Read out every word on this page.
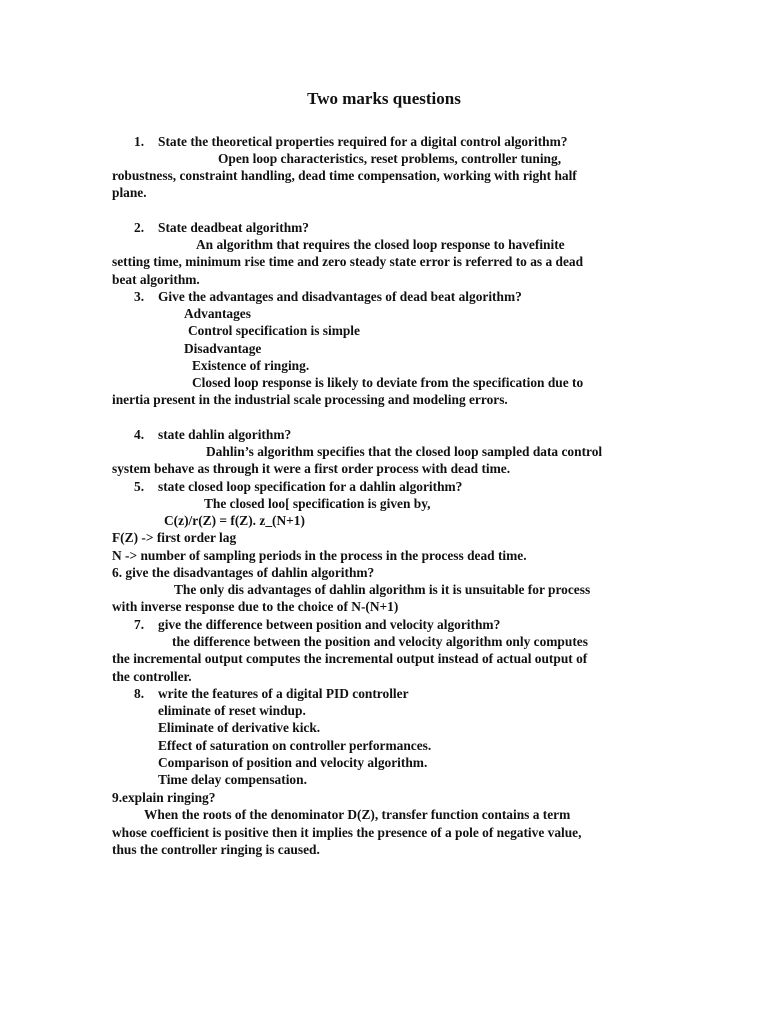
Two marks questions
1. State the theoretical properties required for a digital control algorithm?
Open loop characteristics, reset problems, controller tuning,
robustness, constraint handling, dead time compensation, working with right half
plane.
2. State deadbeat algorithm?
An algorithm that requires the closed loop response to havefinite
setting time, minimum rise time and zero steady state error is referred to as a dead
beat algorithm.
3. Give the advantages and disadvantages of dead beat algorithm?
Advantages
Control specification is simple
Disadvantage
Existence of ringing.
Closed loop response is likely to deviate from the specification due to
inertia present in the industrial scale processing and modeling errors.
4. state dahlin algorithm?
Dahlin’s algorithm specifies that the closed loop sampled data control
system behave as through it were a first order process with dead time.
5. state closed loop specification for a dahlin algorithm?
The closed loo[ specification is given by,
C(z)/r(Z) = f(Z). z_(N+1)
F(Z) -> first order lag
N -> number of sampling periods in the process in the process dead time.
6. give the disadvantages of dahlin algorithm?
The only dis advantages of dahlin algorithm is it is unsuitable for process
with inverse response due to the choice of N-(N+1)
7. give the difference between position and velocity algorithm?
the difference between the position and velocity algorithm only computes
the incremental output computes the incremental output instead of actual output of
the controller.
8. write the features of a digital PID controller
eliminate of reset windup.
Eliminate of derivative kick.
Effect of saturation on controller performances.
Comparison of position and velocity algorithm.
Time delay compensation.
9.explain ringing?
When the roots of the denominator D(Z), transfer function contains a term
whose coefficient is positive then it implies the presence of a pole of negative value,
thus the controller ringing is caused.
